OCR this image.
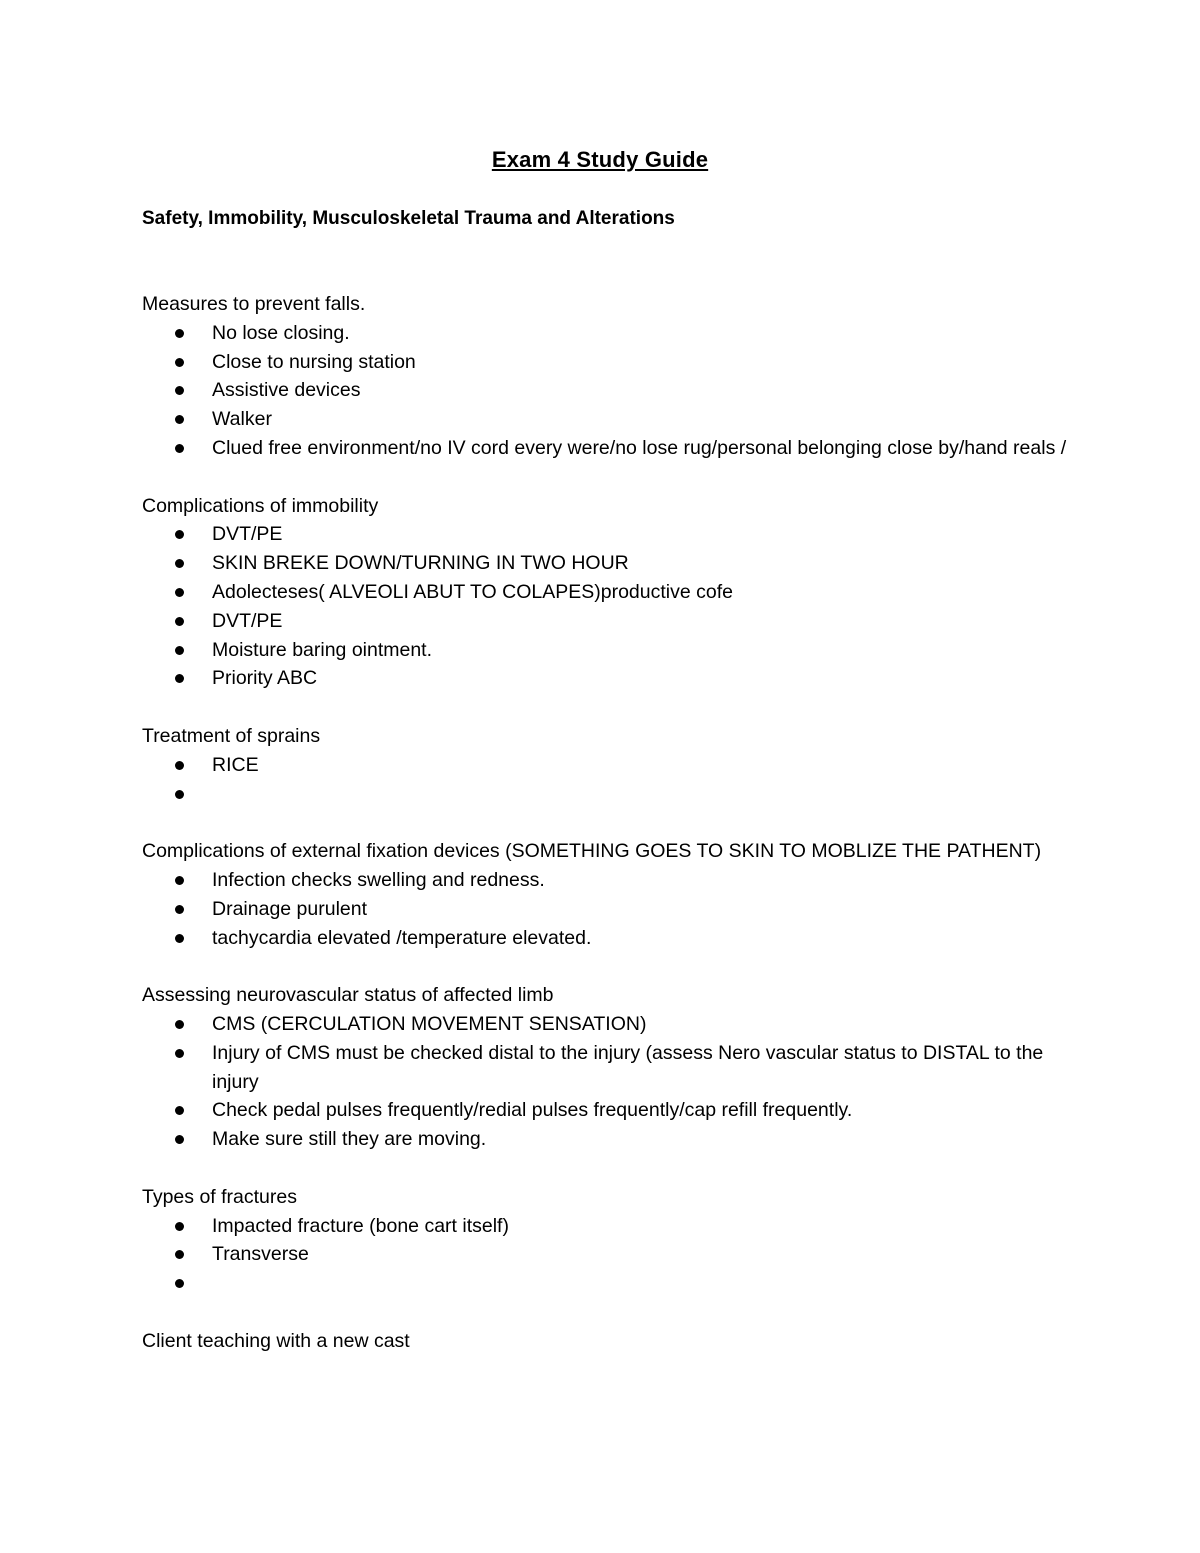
Exam 4 Study Guide
Safety, Immobility, Musculoskeletal Trauma and Alterations
Measures to prevent falls.
No lose closing.
Close to nursing station
Assistive devices
Walker
Clued free environment/no IV cord every were/no lose rug/personal belonging close by/hand reals /
Complications of immobility
DVT/PE
SKIN BREKE DOWN/TURNING IN TWO HOUR
Adolecteses( ALVEOLI ABUT TO COLAPES)productive cofe
DVT/PE
Moisture baring ointment.
Priority ABC
Treatment of sprains
RICE
Complications of external fixation devices (SOMETHING GOES TO SKIN TO MOBLIZE THE PATHENT)
Infection checks swelling and redness.
Drainage purulent
tachycardia elevated /temperature elevated.
Assessing neurovascular status of affected limb
CMS (CERCULATION MOVEMENT SENSATION)
Injury of CMS must be checked distal to the injury (assess Nero vascular status to DISTAL to the injury
Check pedal pulses frequently/redial pulses frequently/cap refill frequently.
Make sure still they are moving.
Types of fractures
Impacted fracture (bone cart itself)
Transverse
Client teaching with a new cast
